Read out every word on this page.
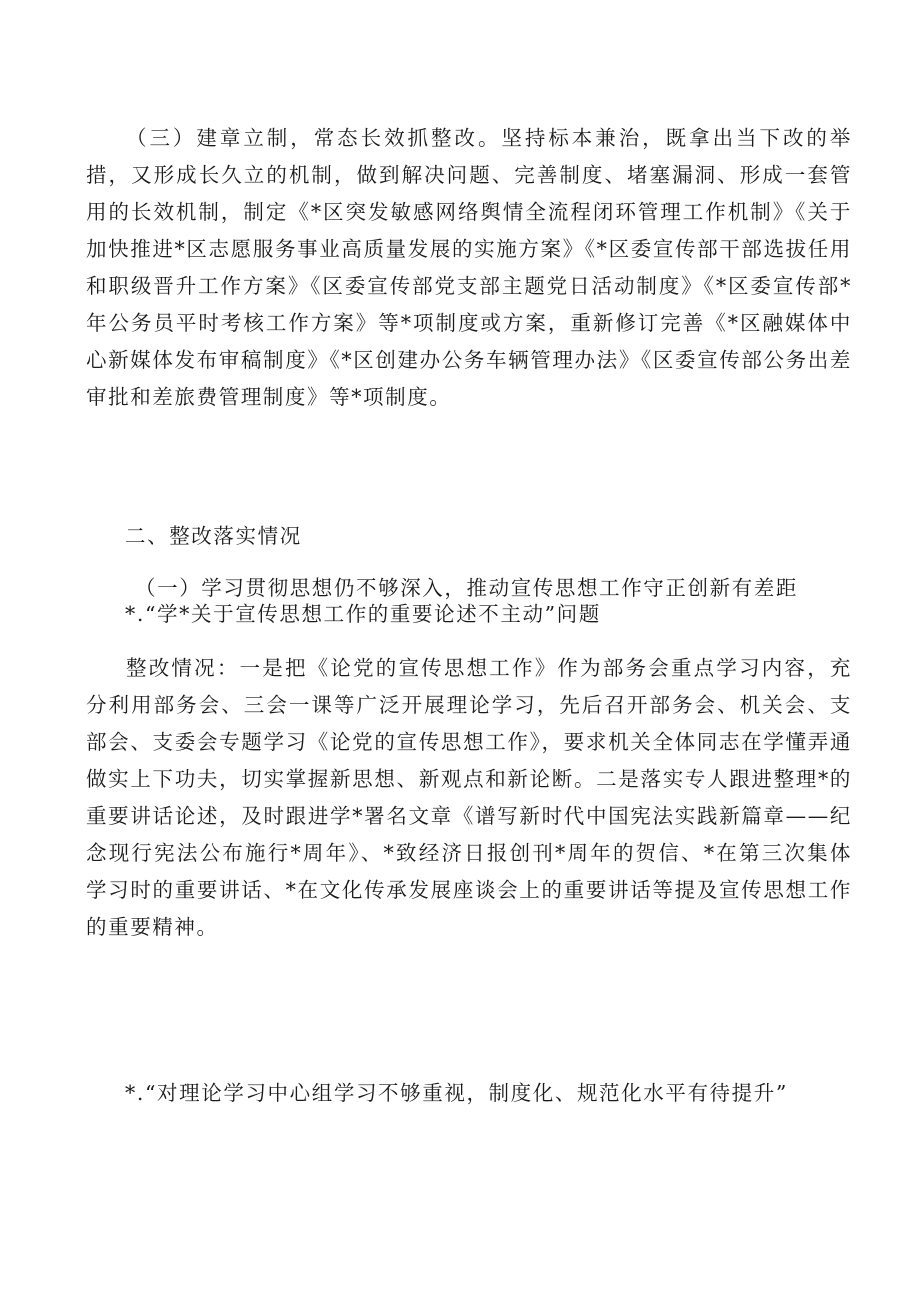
（三）建章立制，常态长效抓整改。坚持标本兼治，既拿出当下改的举措，又形成长久立的机制，做到解决问题、完善制度、堵塞漏洞、形成一套管用的长效机制，制定《*区突发敏感网络舆情全流程闭环管理工作机制》《关于加快推进*区志愿服务事业高质量发展的实施方案》《*区委宣传部干部选拔任用和职级晋升工作方案》《区委宣传部党支部主题党日活动制度》《*区委宣传部*年公务员平时考核工作方案》等*项制度或方案，重新修订完善《*区融媒体中心新媒体发布审稿制度》《*区创建办公务车辆管理办法》《区委宣传部公务出差审批和差旅费管理制度》等*项制度。

二、整改落实情况

（一）学习贯彻思想仍不够深入，推动宣传思想工作守正创新有差距

*.“学*关于宣传思想工作的重要论述不主动”问题

整改情况：一是把《论党的宣传思想工作》作为部务会重点学习内容，充分利用部务会、三会一课等广泛开展理论学习，先后召开部务会、机关会、支部会、支委会专题学习《论党的宣传思想工作》，要求机关全体同志在学懂弄通做实上下功夫，切实掌握新思想、新观点和新论断。二是落实专人跟进整理*的重要讲话论述，及时跟进学*署名文章《谱写新时代中国宪法实践新篇章——纪念现行宪法公布施行*周年》、*致经济日报创刊*周年的贺信、*在第三次集体学习时的重要讲话、*在文化传承发展座谈会上的重要讲话等提及宣传思想工作的重要精神。

*.“对理论学习中心组学习不够重视，制度化、规范化水平有待提升”
